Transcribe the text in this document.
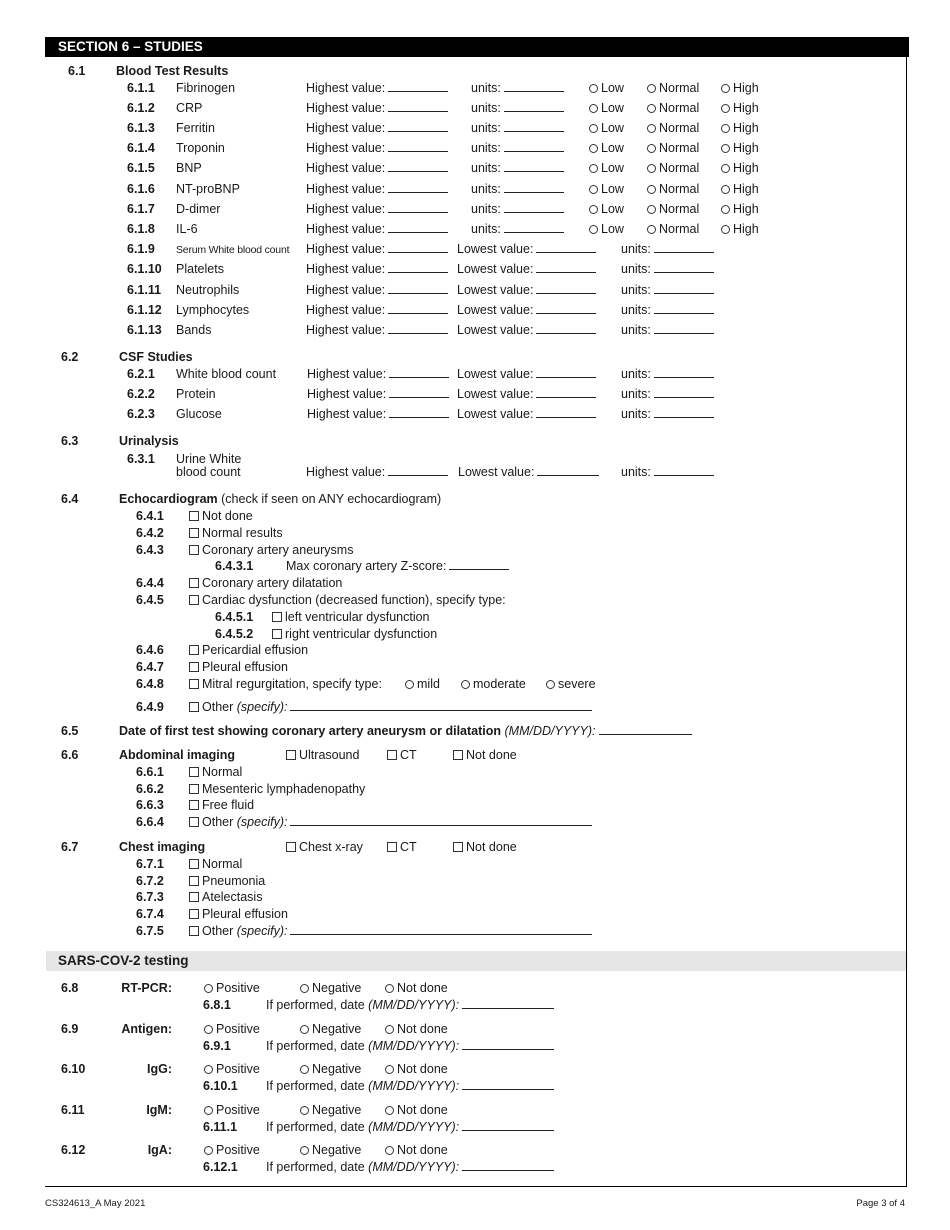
SECTION 6 – STUDIES
6.1 Blood Test Results
6.1.1 Fibrinogen	Highest value:	units:	Low	Normal	High
6.1.2 CRP	Highest value:	units:	Low	Normal	High
6.1.3 Ferritin	Highest value:	units:	Low	Normal	High
6.1.4 Troponin	Highest value:	units:	Low	Normal	High
6.1.5 BNP	Highest value:	units:	Low	Normal	High
6.1.6 NT-proBNP	Highest value:	units:	Low	Normal	High
6.1.7 D-dimer	Highest value:	units:	Low	Normal	High
6.1.8 IL-6	Highest value:	units:	Low	Normal	High
6.1.9 Serum White blood count Highest value:	Lowest value:	units:
6.1.10 Platelets	Highest value:	Lowest value:	units:
6.1.11 Neutrophils	Highest value:	Lowest value:	units:
6.1.12 Lymphocytes	Highest value:	Lowest value:	units:
6.1.13 Bands	Highest value:	Lowest value:	units:
6.2	CSF Studies
6.2.1 White blood count Highest value:	Lowest value:	units:
6.2.2 Protein	Highest value:	Lowest value:	units:
6.2.3 Glucose	Highest value:	Lowest value:	units:
6.3	Urinalysis
6.3.1 Urine White
blood count	Highest value:	Lowest value:	units:
6.4	Echocardiogram (check if seen on ANY echocardiogram)
6.4.1	Not done
6.4.2	Normal results
6.4.3	Coronary artery aneurysms
6.4.3.1	Max coronary artery Z-score:
6.4.4	Coronary artery dilatation
6.4.5	Cardiac dysfunction (decreased function), specify type:
6.4.5.1	left ventricular dysfunction
6.4.5.2	right ventricular dysfunction
6.4.6	Pericardial effusion
6.4.7	Pleural effusion
6.4.8	Mitral regurgitation, specify type:	mild	moderate	severe
6.4.9	Other (specify):
6.5	Date of first test showing coronary artery aneurysm or dilatation (MM/DD/YYYY):
6.6	Abdominal imaging	Ultrasound	CT	Not done
6.6.1	Normal
6.6.2	Mesenteric lymphadenopathy
6.6.3	Free fluid
6.6.4	Other (specify):
6.7	Chest imaging	Chest x-ray	CT	Not done
6.7.1	Normal
6.7.2	Pneumonia
6.7.3	Atelectasis
6.7.4	Pleural effusion
6.7.5	Other (specify):
SARS-COV-2 testing
6.8	RT-PCR:	Positive	Negative	Not done
6.8.1	If performed, date (MM/DD/YYYY):
6.9	Antigen:	Positive	Negative	Not done
6.9.1	If performed, date (MM/DD/YYYY):
6.10	IgG:	Positive	Negative	Not done
6.10.1 If performed, date (MM/DD/YYYY):
6.11	IgM:	Positive	Negative	Not done
6.11.1 If performed, date (MM/DD/YYYY):
6.12	IgA:	Positive	Negative	Not done
6.12.1 If performed, date (MM/DD/YYYY):
CS324613_A May 2021	Page 3 of 4
